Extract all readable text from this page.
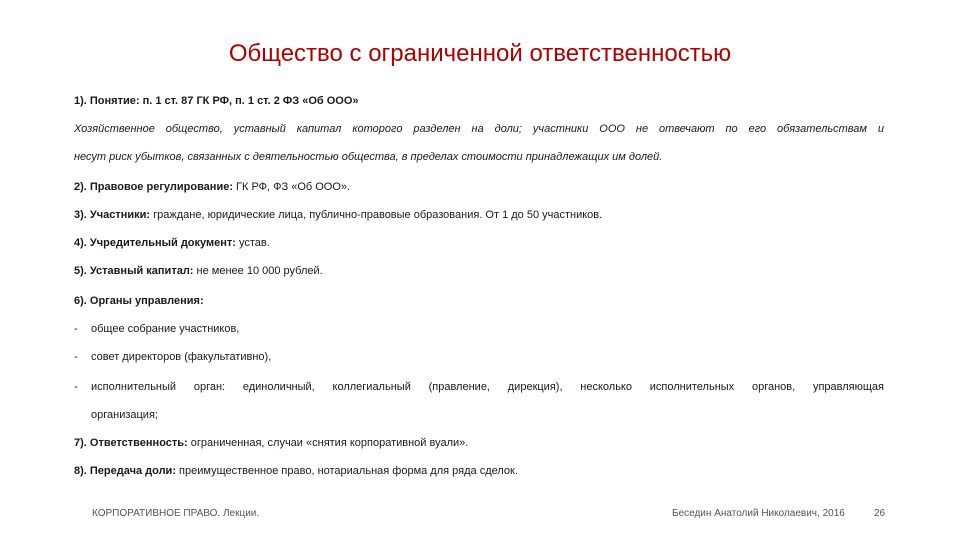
Общество с ограниченной ответственностью
1). Понятие: п. 1 ст. 87 ГК РФ, п. 1 ст. 2 ФЗ «Об ООО»
Хозяйственное общество, уставный капитал которого разделен на доли; участники ООО не отвечают по его обязательствам и
несут риск убытков, связанных с деятельностью общества, в пределах стоимости принадлежащих им долей.
2). Правовое регулирование: ГК РФ, ФЗ «Об ООО».
3). Участники: граждане, юридические лица, публично-правовые образования. От 1 до 50 участников.
4). Учредительный документ: устав.
5). Уставный капитал: не менее 10 000 рублей.
6). Органы управления:
- общее собрание участников,
- совет директоров (факультативно),
- исполнительный орган: единоличный, коллегиальный (правление, дирекция), несколько исполнительных органов, управляющая
организация;
7). Ответственность: ограниченная, случаи «снятия корпоративной вуали».
8). Передача доли: преимущественное право, нотариальная форма для ряда сделок.
КОРПОРАТИВНОЕ ПРАВО. Лекции.	Беседин Анатолий Николаевич, 2016	26
